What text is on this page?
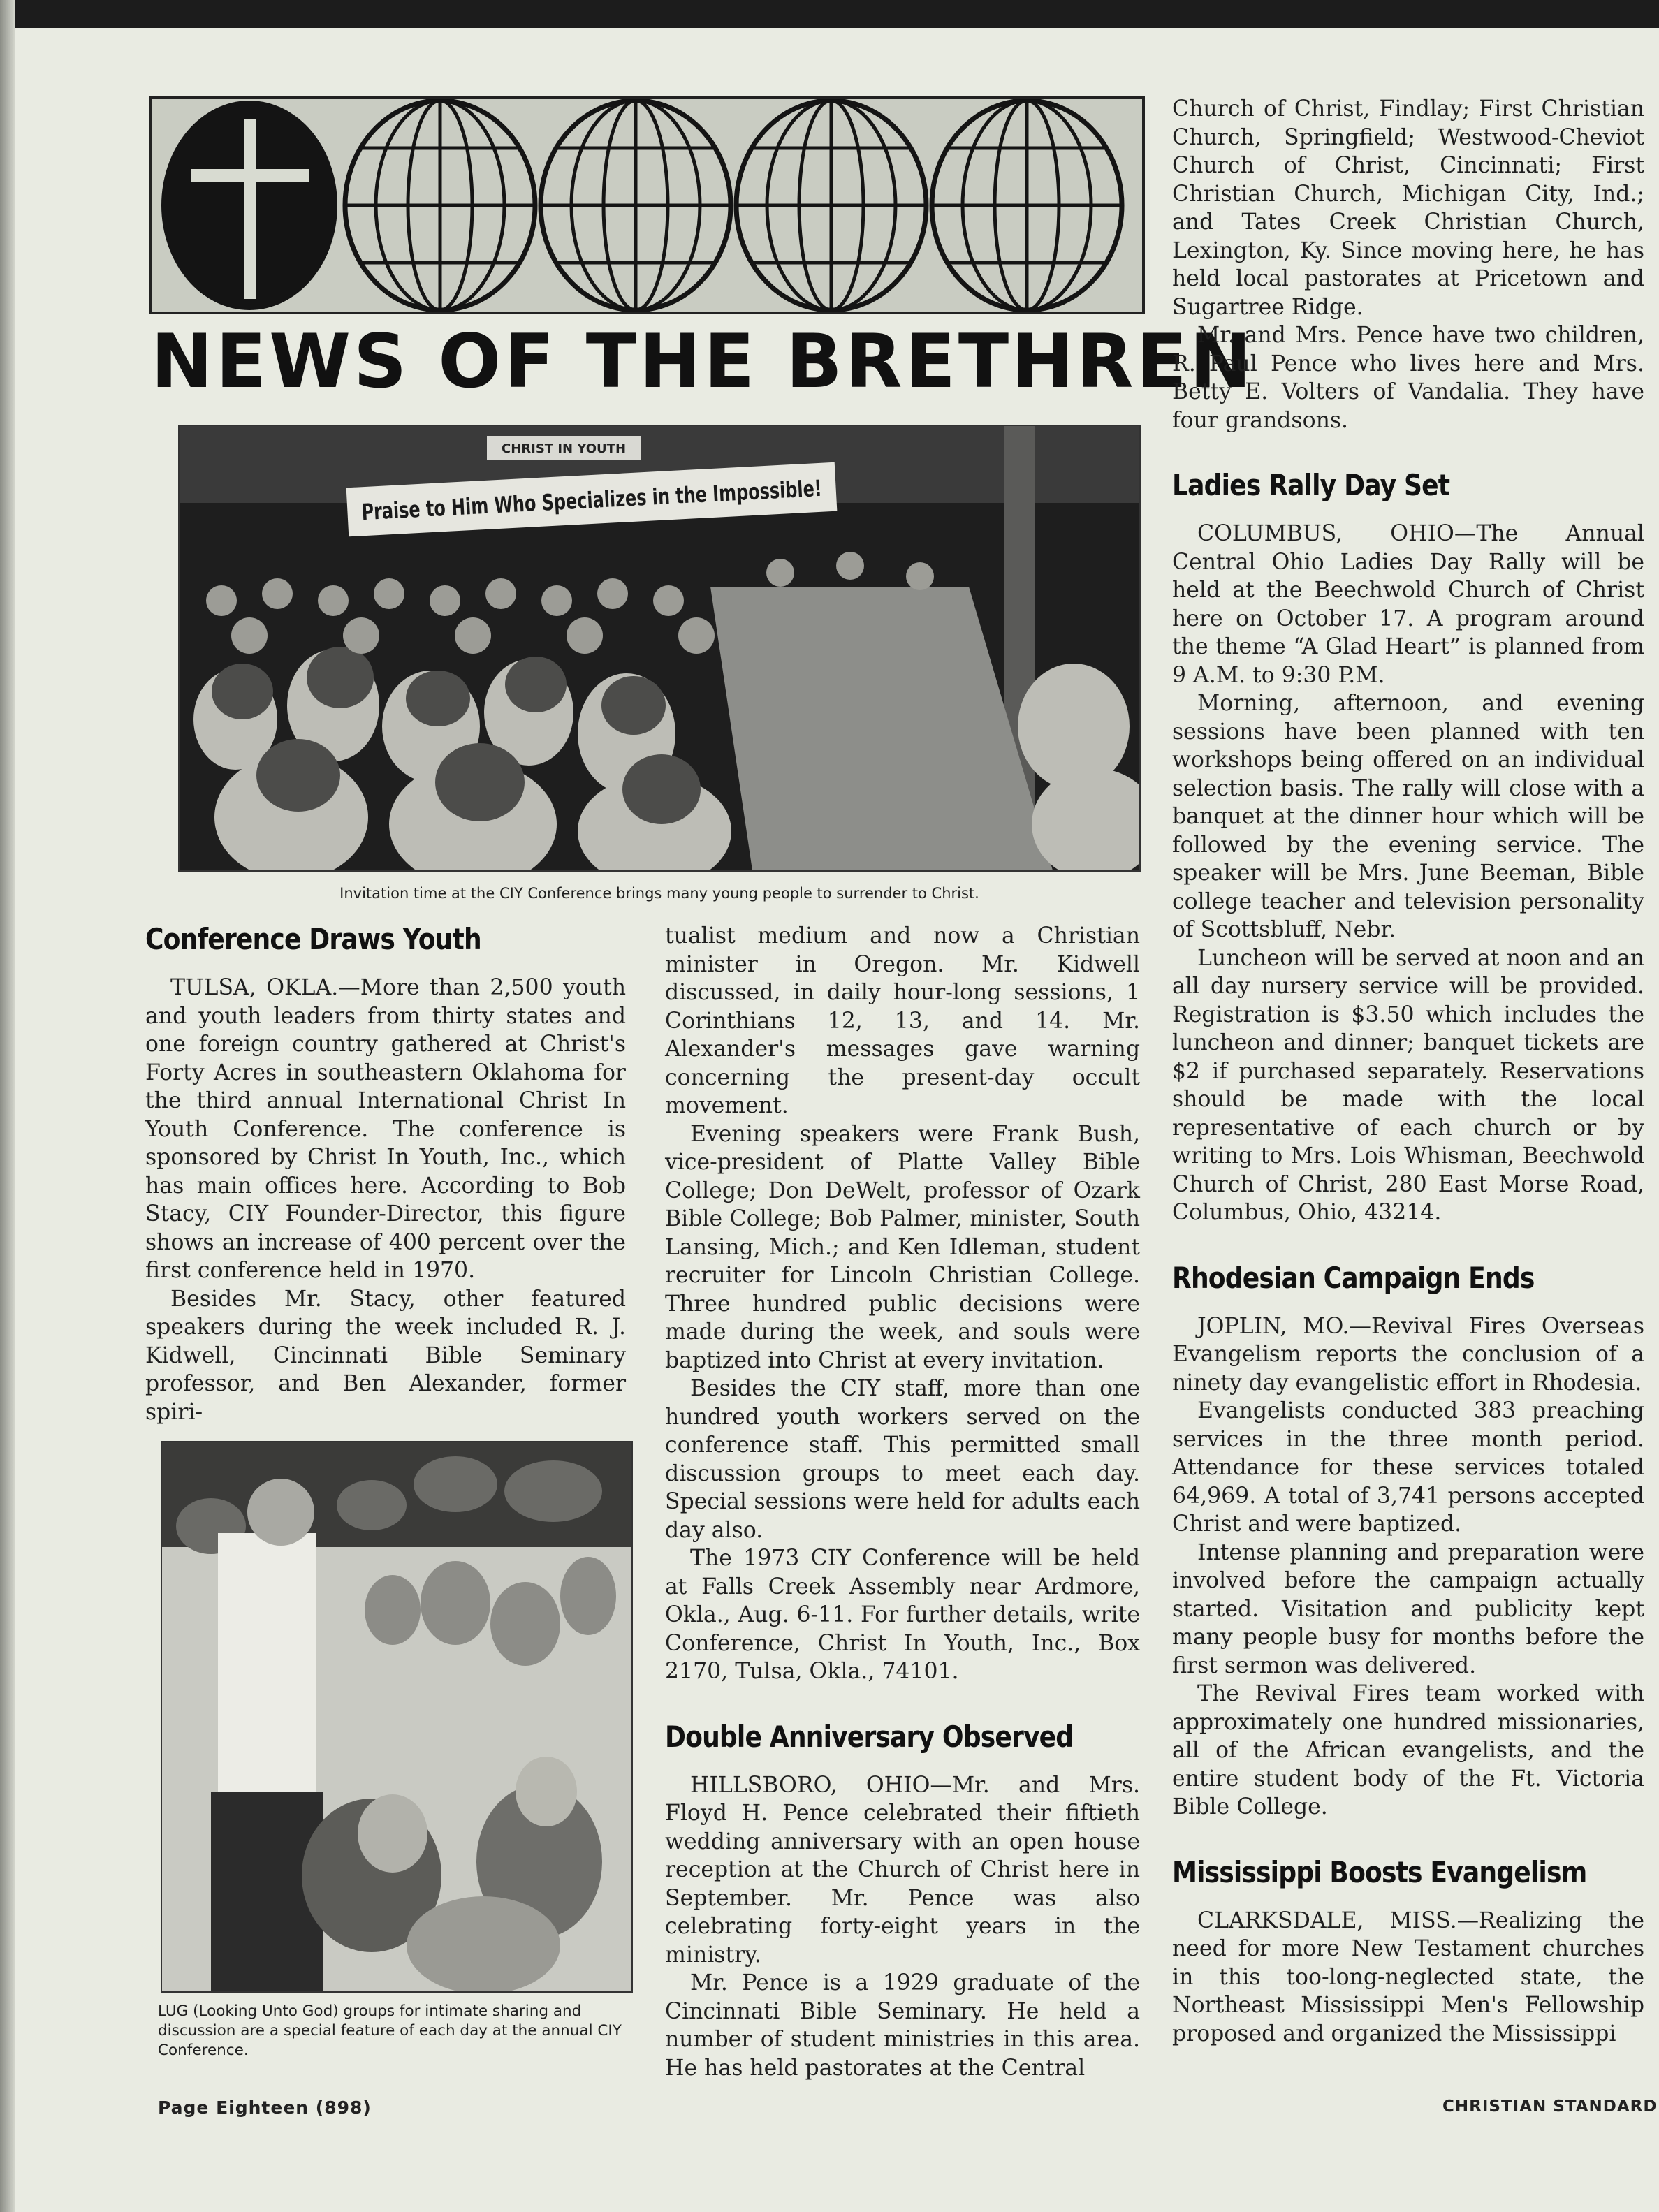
NEWS OF THE BRETHREN
CHRIST IN YOUTH
Praise to Him Who Specializes in the Impossible!
Invitation time at the CIY Conference brings many young people to surrender to Christ.
Conference Draws Youth

TULSA, OKLA.—More than 2,500 youth and youth leaders from thirty states and one foreign country gathered at Christ's Forty Acres in southeastern Oklahoma for the third annual International Christ In Youth Conference. The conference is sponsored by Christ In Youth, Inc., which has main offices here. According to Bob Stacy, CIY Founder-Director, this figure shows an increase of 400 percent over the first conference held in 1970.

Besides Mr. Stacy, other featured speakers during the week included R. J. Kidwell, Cincinnati Bible Seminary professor, and Ben Alexander, former spiri-

LUG (Looking Unto God) groups for intimate sharing and discussion are a special feature of each day at the annual CIY Conference.

tualist medium and now a Christian minister in Oregon. Mr. Kidwell discussed, in daily hour-long sessions, 1 Corinthians 12, 13, and 14. Mr. Alexander's messages gave warning concerning the present-day occult movement.

Evening speakers were Frank Bush, vice-president of Platte Valley Bible College; Don DeWelt, professor of Ozark Bible College; Bob Palmer, minister, South Lansing, Mich.; and Ken Idleman, student recruiter for Lincoln Christian College. Three hundred public decisions were made during the week, and souls were baptized into Christ at every invitation.

Besides the CIY staff, more than one hundred youth workers served on the conference staff. This permitted small discussion groups to meet each day. Special sessions were held for adults each day also.

The 1973 CIY Conference will be held at Falls Creek Assembly near Ardmore, Okla., Aug. 6-11. For further details, write Conference, Christ In Youth, Inc., Box 2170, Tulsa, Okla., 74101.

Double Anniversary Observed

HILLSBORO, OHIO—Mr. and Mrs. Floyd H. Pence celebrated their fiftieth wedding anniversary with an open house reception at the Church of Christ here in September. Mr. Pence was also celebrating forty-eight years in the ministry.

Mr. Pence is a 1929 graduate of the Cincinnati Bible Seminary. He held a number of student ministries in this area. He has held pastorates at the Central

Church of Christ, Findlay; First Christian Church, Springfield; Westwood-Cheviot Church of Christ, Cincinnati; First Christian Church, Michigan City, Ind.; and Tates Creek Christian Church, Lexington, Ky. Since moving here, he has held local pastorates at Pricetown and Sugartree Ridge.

Mr. and Mrs. Pence have two children, R. Paul Pence who lives here and Mrs. Betty E. Volters of Vandalia. They have four grandsons.

Ladies Rally Day Set

COLUMBUS, OHIO—The Annual Central Ohio Ladies Day Rally will be held at the Beechwold Church of Christ here on October 17. A program around the theme “A Glad Heart” is planned from 9 A.M. to 9:30 P.M.

Morning, afternoon, and evening sessions have been planned with ten workshops being offered on an individual selection basis. The rally will close with a banquet at the dinner hour which will be followed by the evening service. The speaker will be Mrs. June Beeman, Bible college teacher and television personality of Scottsbluff, Nebr.

Luncheon will be served at noon and an all day nursery service will be provided. Registration is $3.50 which includes the luncheon and dinner; banquet tickets are $2 if purchased separately. Reservations should be made with the local representative of each church or by writing to Mrs. Lois Whisman, Beechwold Church of Christ, 280 East Morse Road, Columbus, Ohio, 43214.

Rhodesian Campaign Ends

JOPLIN, MO.—Revival Fires Overseas Evangelism reports the conclusion of a ninety day evangelistic effort in Rhodesia.

Evangelists conducted 383 preaching services in the three month period. Attendance for these services totaled 64,969. A total of 3,741 persons accepted Christ and were baptized.

Intense planning and preparation were involved before the campaign actually started. Visitation and publicity kept many people busy for months before the first sermon was delivered.

The Revival Fires team worked with approximately one hundred missionaries, all of the African evangelists, and the entire student body of the Ft. Victoria Bible College.

Mississippi Boosts Evangelism

CLARKSDALE, MISS.—Realizing the need for more New Testament churches in this too-long-neglected state, the Northeast Mississippi Men's Fellowship proposed and organized the Mississippi

Page Eighteen (898)	CHRISTIAN STANDARD
